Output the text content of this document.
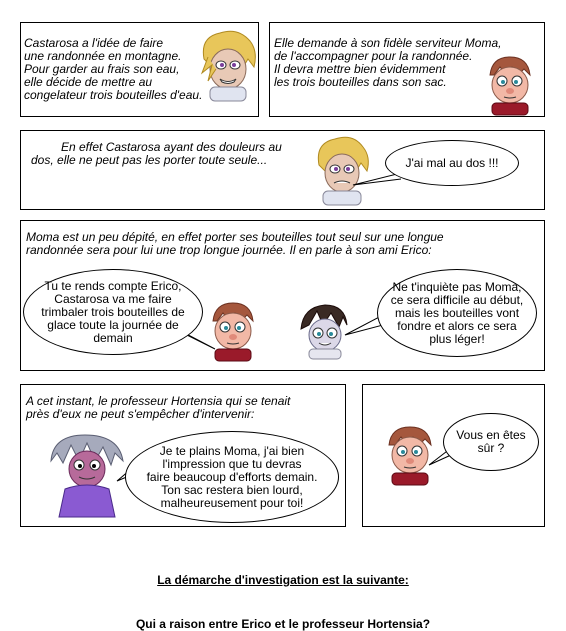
Castarosa a l'idée de faire
une randonnée en montagne.
Pour garder au frais son eau,
elle décide de mettre au
congelateur trois bouteilles d'eau.
Elle demande à son fidèle serviteur Moma,
de l'accompagner pour la randonnée.
Il devra mettre bien évidemment
les trois bouteilles dans son sac.
En effet Castarosa ayant des douleurs au
dos, elle ne peut pas les porter toute seule...	J'ai mal au dos !!!
Moma est un peu dépité, en effet porter ses bouteilles tout seul sur une longue
randonnée sera pour lui une trop longue journée. Il en parle à son ami Erico:
Tu te rends compte Erico,
Castarosa va me faire
trimbaler trois bouteilles de
glace toute la journée de
demain
Ne t'inquiète pas Moma,
ce sera difficile au début,
mais les bouteilles vont
fondre et alors ce sera
plus léger!
A cet instant, le professeur Hortensia qui se tenait
près d'eux ne peut s'empêcher d'intervenir:
Je te plains Moma, j'ai bien
l'impression que tu devras
faire beaucoup d'efforts demain.
Ton sac restera bien lourd,
malheureusement pour toi!
Vous en êtes
sûr ?
La démarche d'investigation est la suivante:
Qui a raison entre Erico et le professeur Hortensia?
